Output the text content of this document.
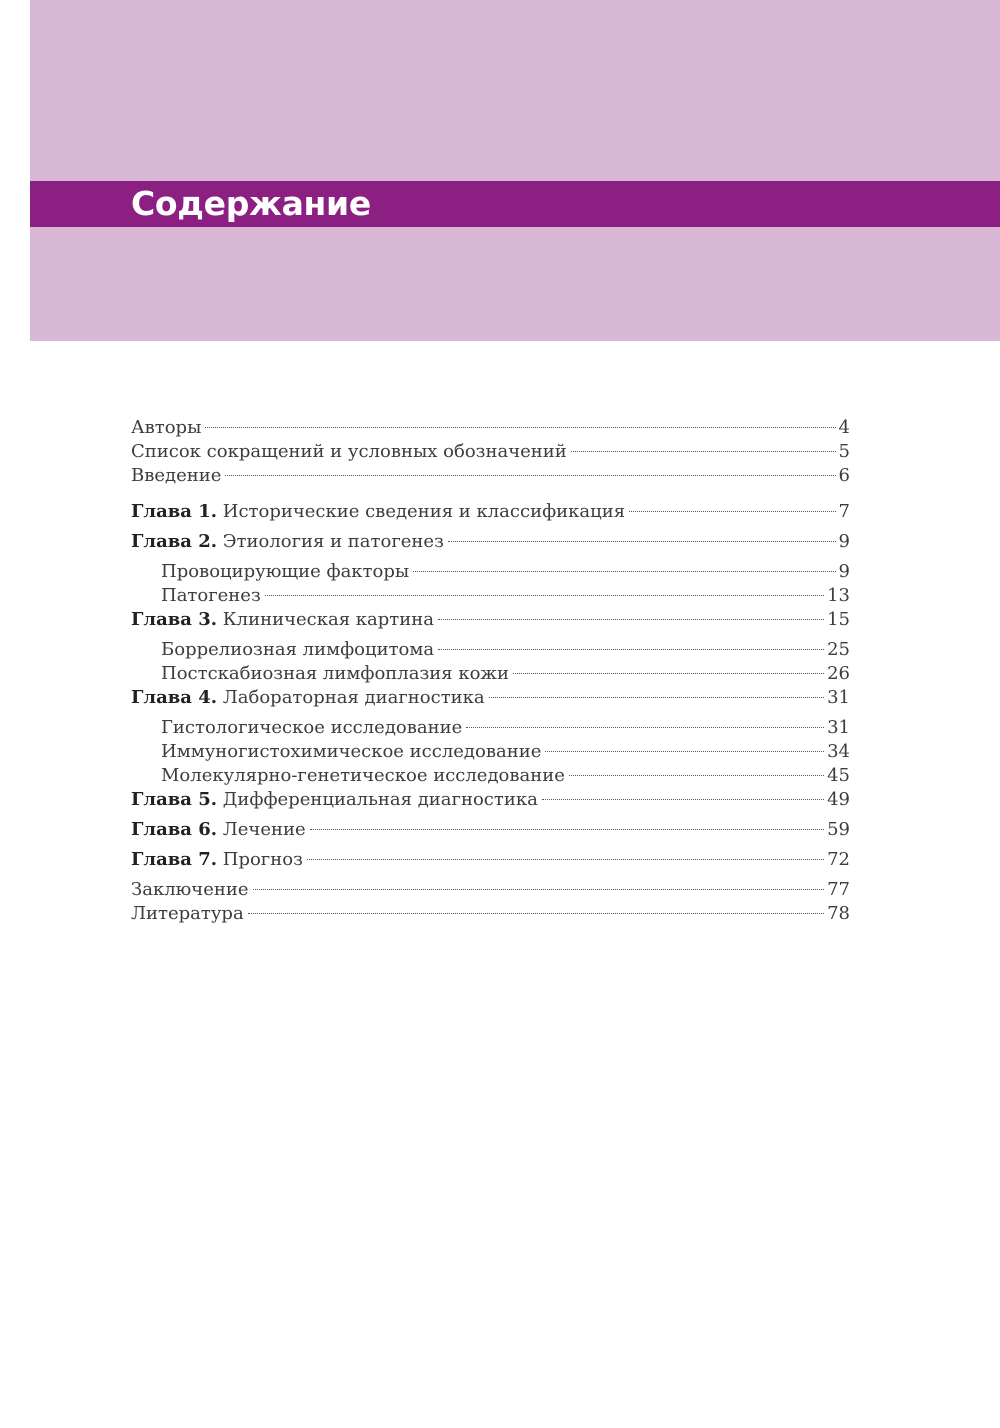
Содержание
Авторы	4
Список сокращений и условных обозначений	5
Введение	6
Глава 1. Исторические сведения и классификация	7
Глава 2. Этиология и патогенез	9
Провоцирующие факторы	9
Патогенез	13
Глава 3. Клиническая картина	15
Боррелиозная лимфоцитома	25
Постскабиозная лимфоплазия кожи	26
Глава 4. Лабораторная диагностика	31
Гистологическое исследование	31
Иммуногистохимическое исследование	34
Молекулярно-генетическое исследование	45
Глава 5. Дифференциальная диагностика	49
Глава 6. Лечение	59
Глава 7. Прогноз	72
Заключение	77
Литература	78
